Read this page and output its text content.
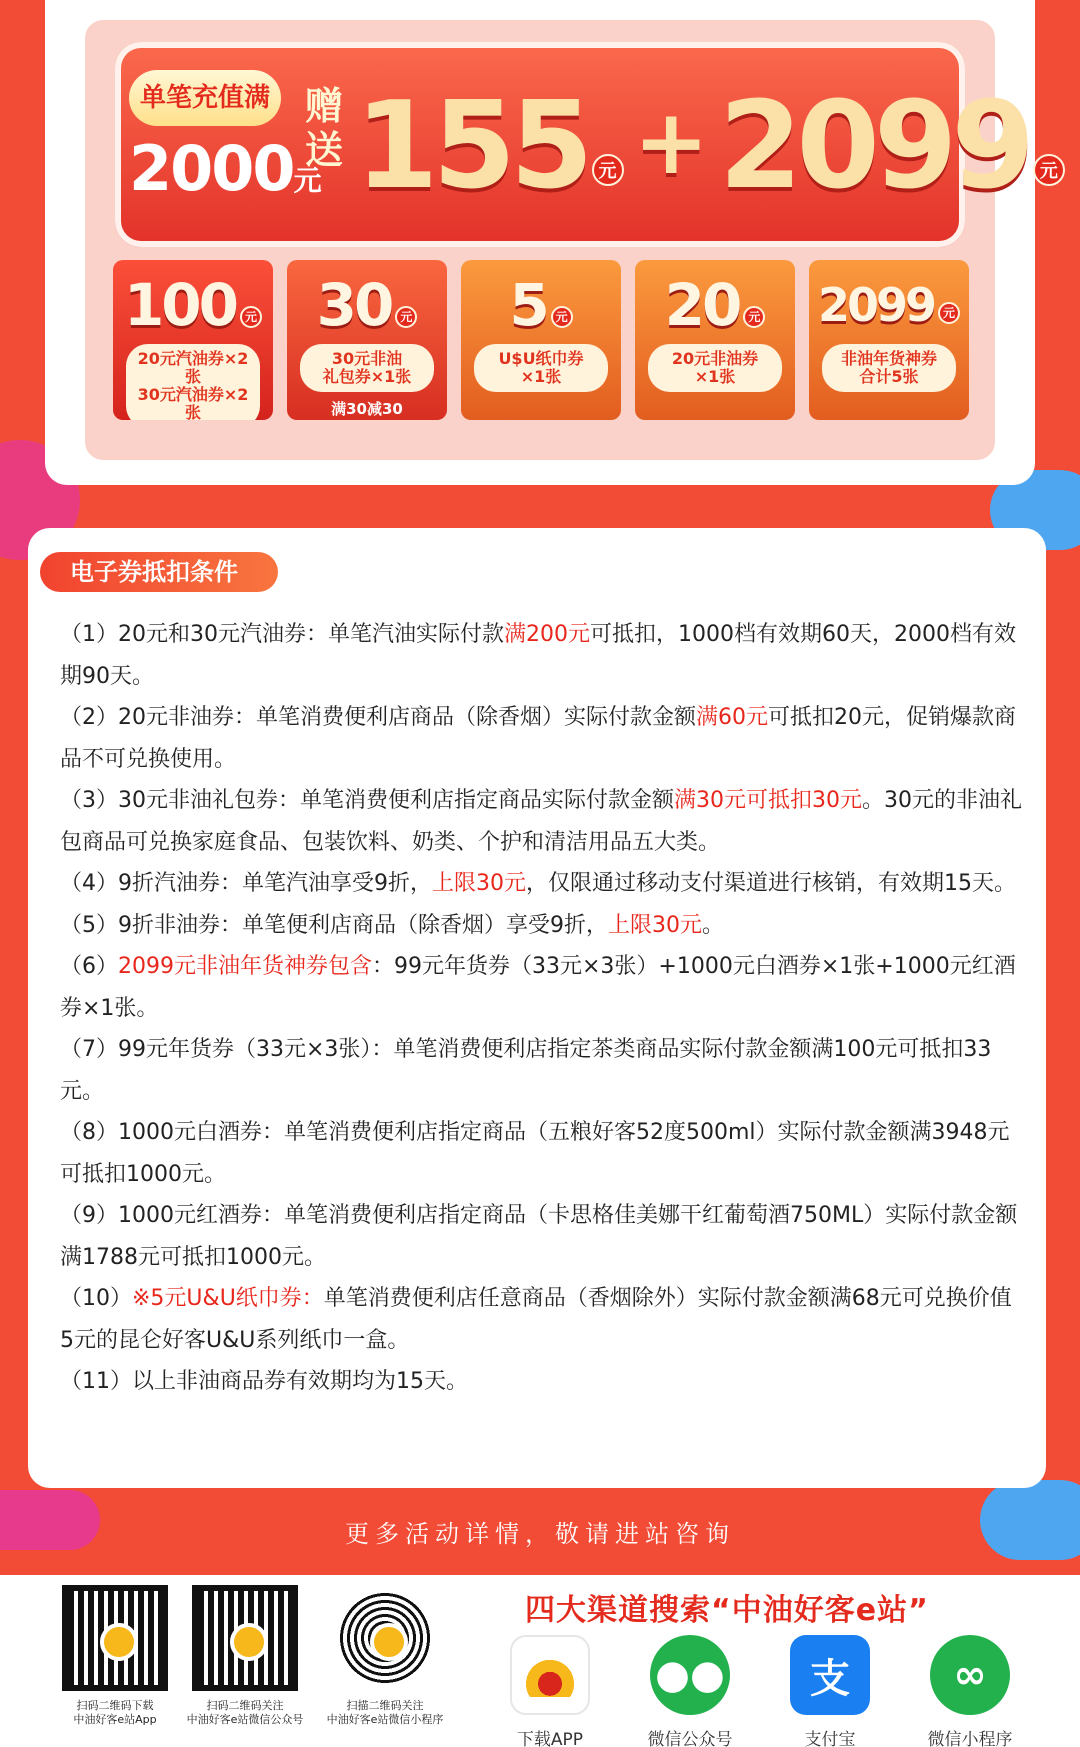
单笔充值满
2000元
赠送 155 元 +2099 元
100 元
20元汽油券×2张
30元汽油券×2张
30 元
30元非油
礼包券×1张
满30减30
5 元
U$U纸巾券
×1张
20 元
20元非油券
×1张
2099 元
非油年货神券
合计5张
电子券抵扣条件

（1）20元和30元汽油券：单笔汽油实际付款满200元可抵扣，1000档有效期60天，2000档有效期90天。

（2）20元非油券：单笔消费便利店商品（除香烟）实际付款金额满60元可抵扣20元，促销爆款商品不可兑换使用。

（3）30元非油礼包券：单笔消费便利店指定商品实际付款金额满30元可抵扣30元。30元的非油礼包商品可兑换家庭食品、包装饮料、奶类、个护和清洁用品五大类。

（4）9折汽油券：单笔汽油享受9折，上限30元，仅限通过移动支付渠道进行核销，有效期15天。

（5）9折非油券：单笔便利店商品（除香烟）享受9折，上限30元。

（6）2099元非油年货神券包含：99元年货券（33元×3张）+1000元白酒券×1张+1000元红酒券×1张。

（7）99元年货券（33元×3张）：单笔消费便利店指定茶类商品实际付款金额满100元可抵扣33元。

（8）1000元白酒券：单笔消费便利店指定商品（五粮好客52度500ml）实际付款金额满3948元可抵扣1000元。

（9）1000元红酒券：单笔消费便利店指定商品（卡思格佳美娜干红葡萄酒750ML）实际付款金额满1788元可抵扣1000元。

（10）※5元U&U纸巾券：单笔消费便利店任意商品（香烟除外）实际付款金额满68元可兑换价值5元的昆仑好客U&U系列纸巾一盒。

（11）以上非油商品券有效期均为15天。

更多活动详情，敬请进站咨询
扫码二维码下载
中油好客e站App
扫码二维码关注
中油好客e站微信公众号
扫描二维码关注
中油好客e站微信小程序
四大渠道搜索“中油好客e站”
下载APP
●●
微信公众号
支
支付宝
∞
微信小程序
